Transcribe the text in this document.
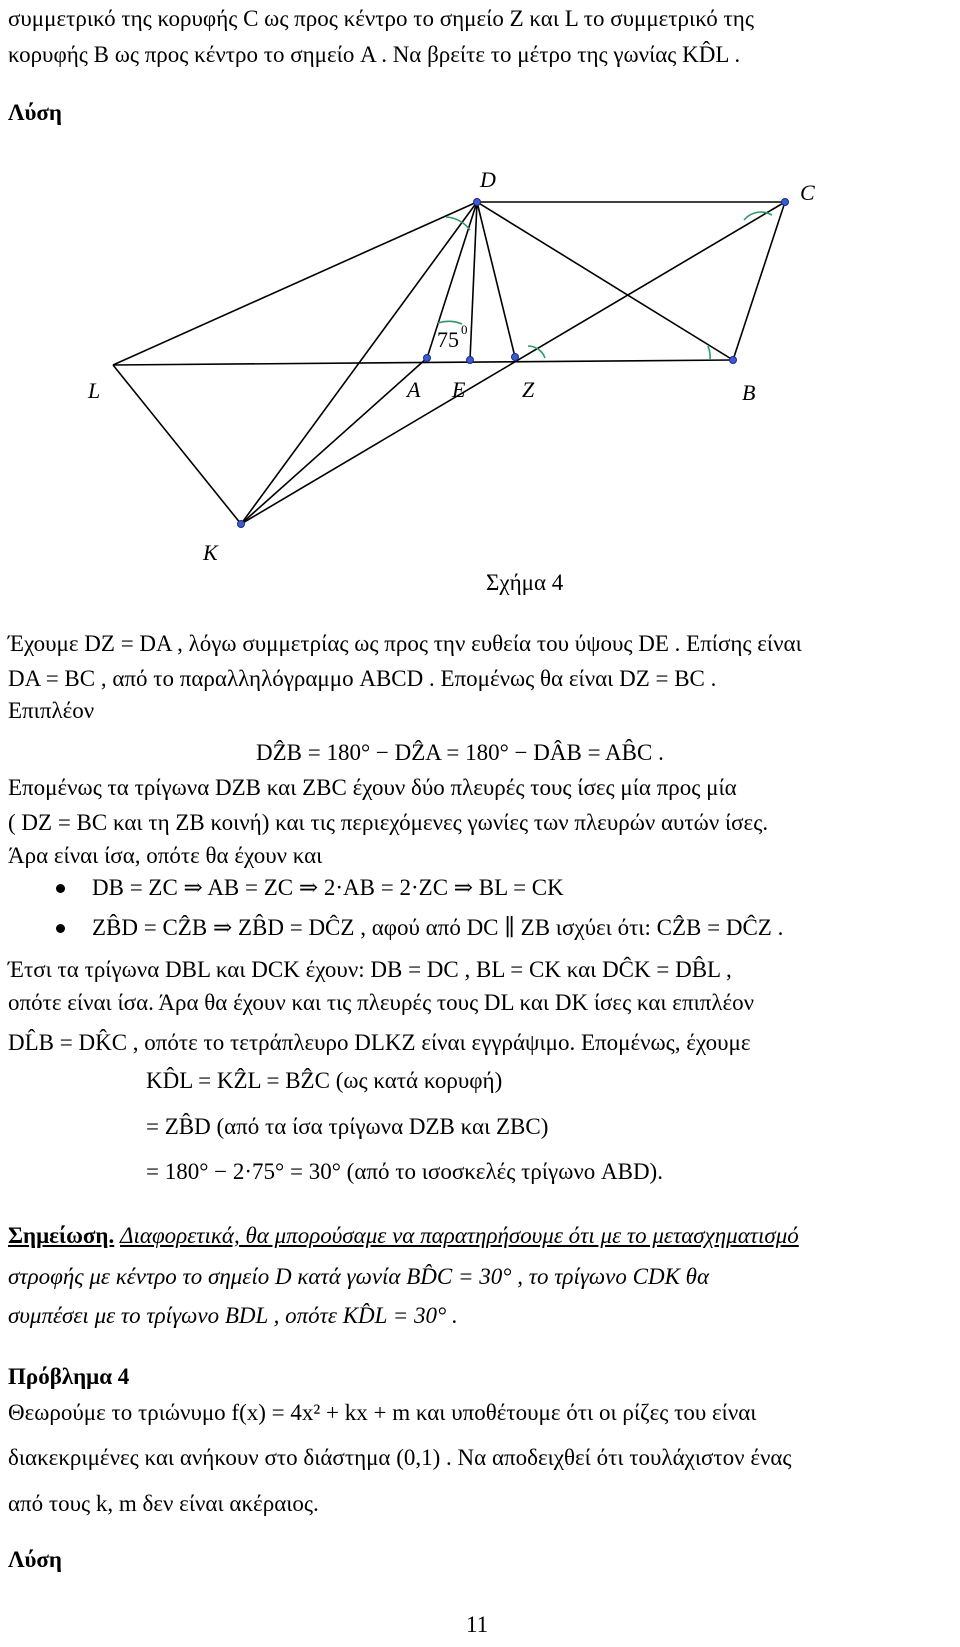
συμμετρικό της κορυφής C ως προς κέντρο το σημείο Z και L το συμμετρικό της
κορυφής B ως προς κέντρο το σημείο A . Να βρείτε το μέτρο της γωνίας KD̂L .
Λύση
D
C
L	A E	Z	B
K
75 0
Σχήμα 4
Έχουμε DZ = DA , λόγω συμμετρίας ως προς την ευθεία του ύψους DE . Επίσης είναι
DA = BC , από το παραλληλόγραμμο ABCD . Επομένως θα είναι DZ = BC .
Επιπλέον
DẐB = 180° − DẐA = 180° − DÂB = AB̂C .
Επομένως τα τρίγωνα DZB και ZBC έχουν δύο πλευρές τους ίσες μία προς μία
( DZ = BC και τη ZB κοινή) και τις περιεχόμενες γωνίες των πλευρών αυτών ίσες.
Άρα είναι ίσα, οπότε θα έχουν και
DB = ZC ⇒ AB = ZC ⇒ 2·AB = 2·ZC ⇒ BL = CK
ZB̂D = CẐB ⇒ ZB̂D = DĈZ , αφού από DC ∥ ZB ισχύει ότι: CẐB = DĈZ .
Έτσι τα τρίγωνα DBL και DCK έχουν: DB = DC , BL = CK και DĈK = DB̂L ,
οπότε είναι ίσα. Άρα θα έχουν και τις πλευρές τους DL και DK ίσες και επιπλέον
DL̂B = DK̂C , οπότε το τετράπλευρο DLKZ είναι εγγράψιμο. Επομένως, έχουμε
KD̂L = KẐL = BẐC (ως κατά κορυφή)
= ZB̂D (από τα ίσα τρίγωνα DZB και ZBC)
= 180° − 2·75° = 30° (από το ισοσκελές τρίγωνο ABD).
Σημείωση. Διαφορετικά, θα μπορούσαμε να παρατηρήσουμε ότι με το μετασχηματισμό
στροφής με κέντρο το σημείο D κατά γωνία BD̂C = 30° , το τρίγωνο CDK θα
συμπέσει με το τρίγωνο BDL , οπότε KD̂L = 30° .
Πρόβλημα 4
Θεωρούμε το τριώνυμο f(x) = 4x² + kx + m και υποθέτουμε ότι οι ρίζες του είναι
διακεκριμένες και ανήκουν στο διάστημα (0,1) . Να αποδειχθεί ότι τουλάχιστον ένας
από τους k, m δεν είναι ακέραιος.
Λύση
11
